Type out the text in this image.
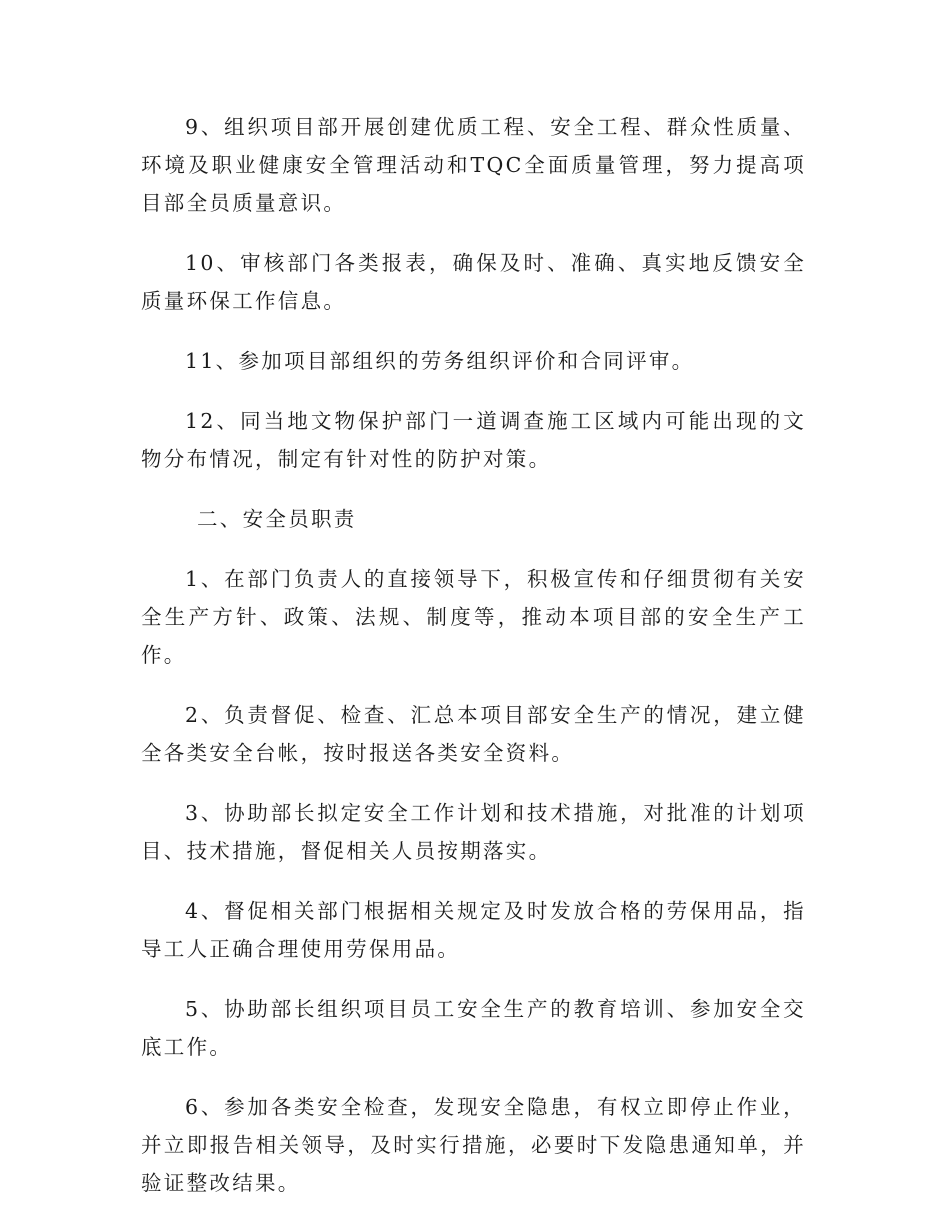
9、组织项目部开展创建优质工程、安全工程、群众性质量、环境及职业健康安全管理活动和TQC全面质量管理，努力提高项目部全员质量意识。

10、审核部门各类报表，确保及时、准确、真实地反馈安全质量环保工作信息。

11、参加项目部组织的劳务组织评价和合同评审。

12、同当地文物保护部门一道调查施工区域内可能出现的文物分布情况，制定有针对性的防护对策。

二、安全员职责

1、在部门负责人的直接领导下，积极宣传和仔细贯彻有关安全生产方针、政策、法规、制度等，推动本项目部的安全生产工作。

2、负责督促、检查、汇总本项目部安全生产的情况，建立健全各类安全台帐，按时报送各类安全资料。

3、协助部长拟定安全工作计划和技术措施，对批准的计划项目、技术措施，督促相关人员按期落实。

4、督促相关部门根据相关规定及时发放合格的劳保用品，指导工人正确合理使用劳保用品。

5、协助部长组织项目员工安全生产的教育培训、参加安全交底工作。

6、参加各类安全检查，发现安全隐患，有权立即停止作业，并立即报告相关领导，及时实行措施，必要时下发隐患通知单，并验证整改结果。
